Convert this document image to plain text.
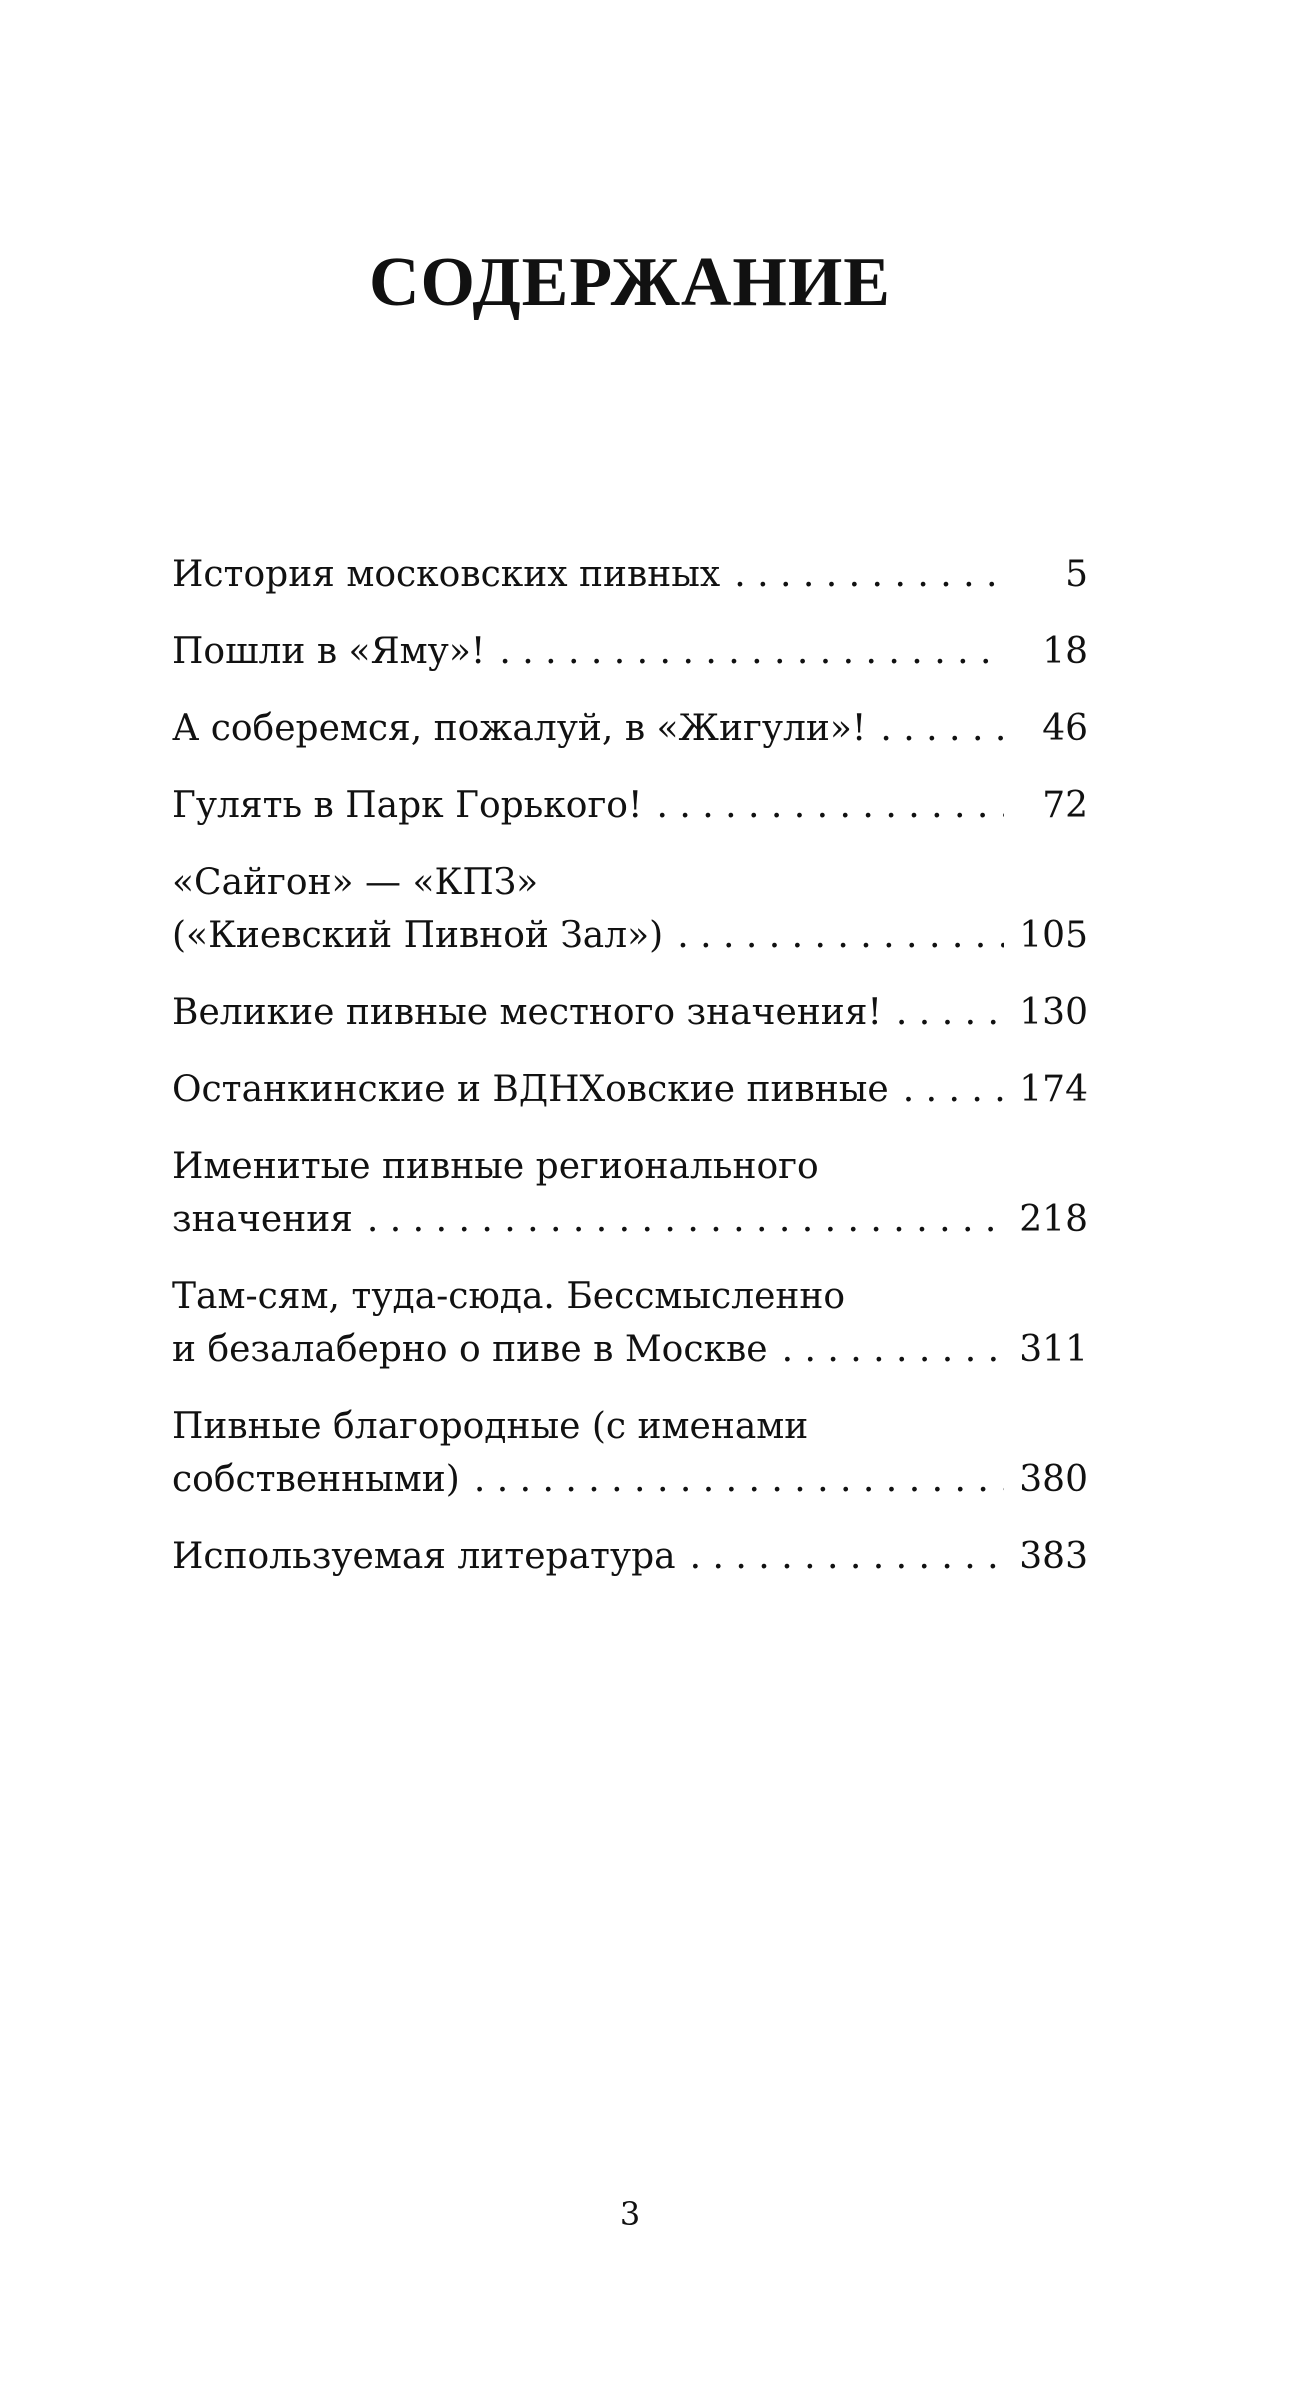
СОДЕРЖАНИЕ
История московских пивных . . .	5
Пошли в «Яму»! . . .	18
А соберемся, пожалуй, в «Жигули»! . . .	46
Гулять в Парк Горького! . . .	72
«Сайгон» — «КПЗ»
(«Киевский Пивной Зал») . . .	105
Великие пивные местного значения! . . .	130
Останкинские и ВДНХовские пивные . . .	174
Именитые пивные регионального
значения . . .	218
Там-сям, туда-сюда. Бессмысленно
и безалаберно о пиве в Москве . . .	311
Пивные благородные (с именами
собственными) . . .	380
Используемая литература . . .	383
3
